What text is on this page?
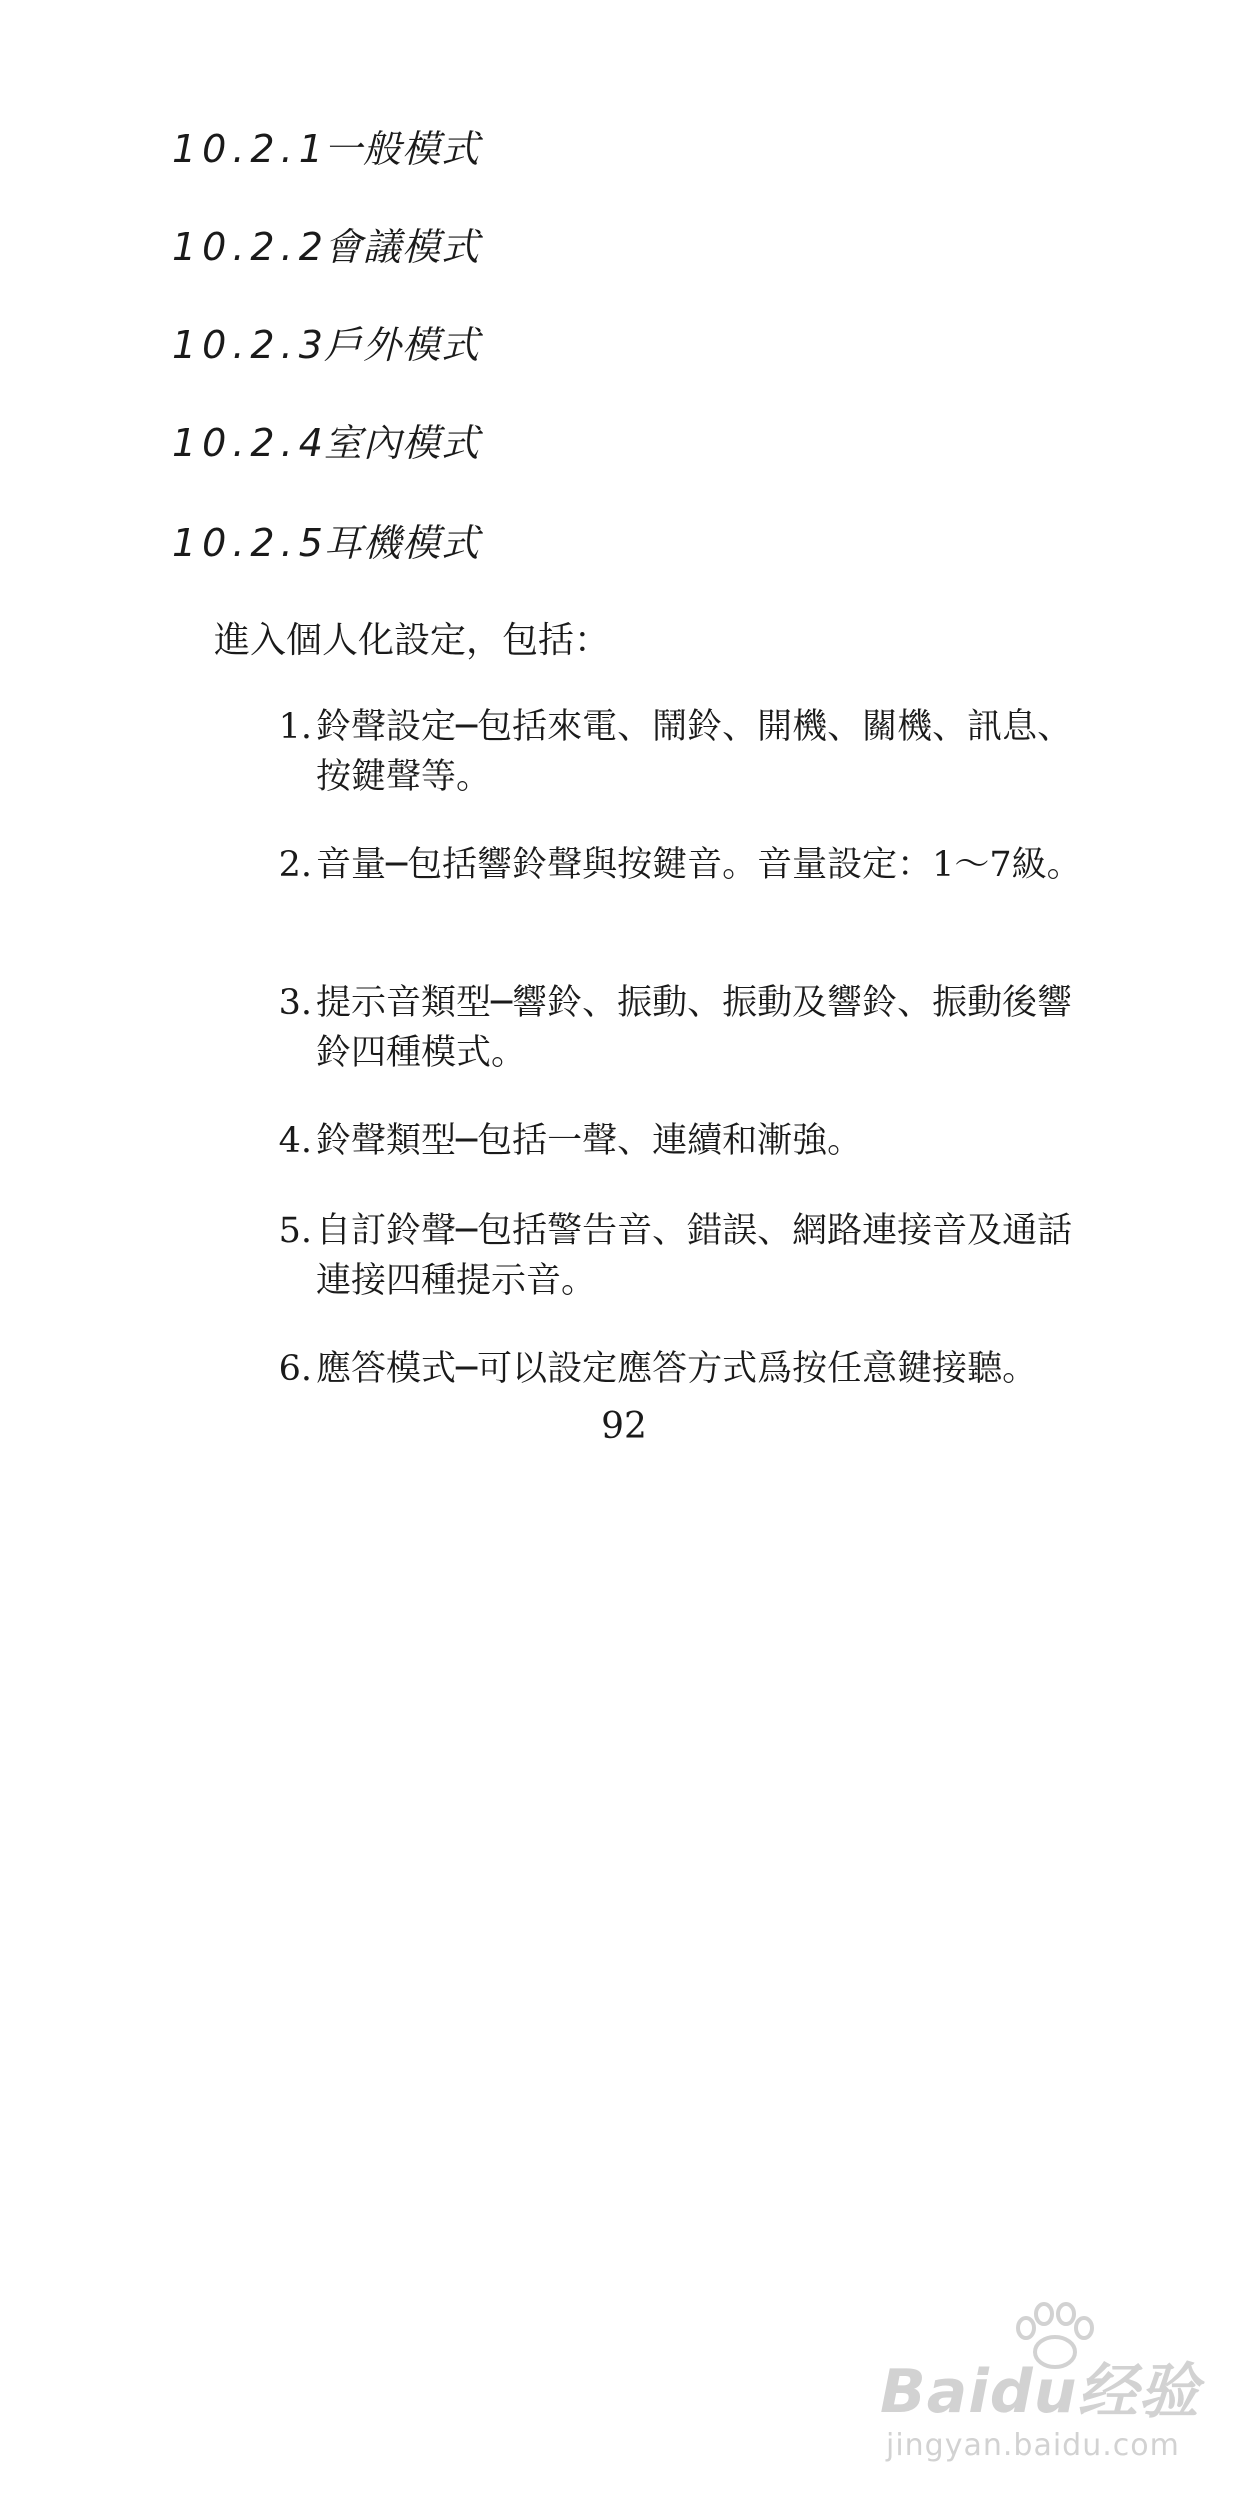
10.2.1一般模式
10.2.2會議模式
10.2.3戶外模式
10.2.4室內模式
10.2.5耳機模式
進入個人化設定，包括：
1. 鈴聲設定─包括來電、鬧鈴、開機、關機、訊息、按鍵聲等。
2. 音量─包括響鈴聲與按鍵音。音量設定：1～7級。
3. 提示音類型─響鈴、振動、振動及響鈴、振動後響鈴四種模式。
4. 鈴聲類型─包括一聲、連續和漸強。
5. 自訂鈴聲─包括警告音、錯誤、網路連接音及通話連接四種提示音。
6. 應答模式─可以設定應答方式爲按任意鍵接聽。
92
Baidu经验
jingyan.baidu.com
